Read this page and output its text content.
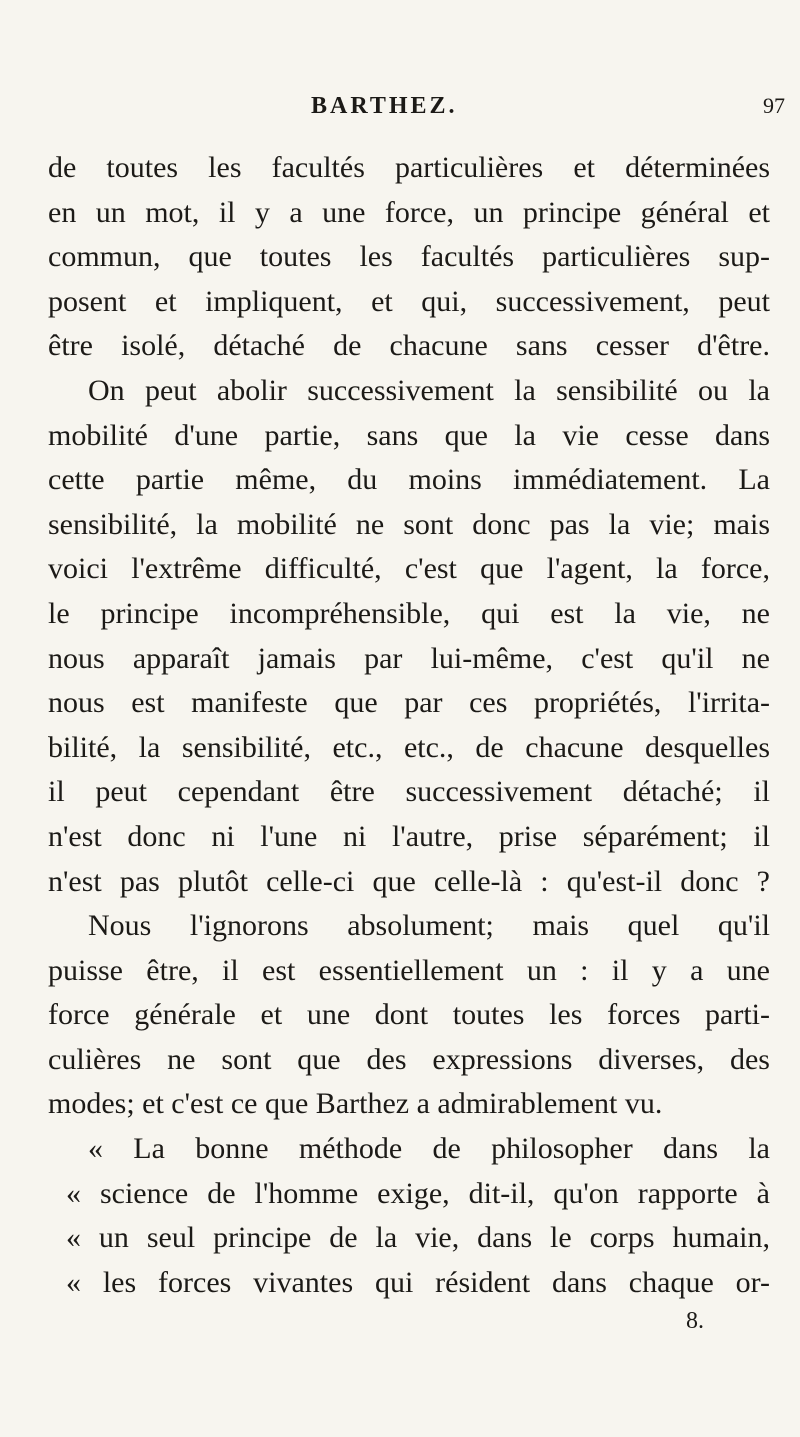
BARTHEZ.	97
de toutes les facultés particulières et déterminées
en un mot, il y a une force, un principe général et
commun, que toutes les facultés particulières sup-
posent et impliquent, et qui, successivement, peut
être isolé, détaché de chacune sans cesser d'être.
On peut abolir successivement la sensibilité ou la
mobilité d'une partie, sans que la vie cesse dans
cette partie même, du moins immédiatement. La
sensibilité, la mobilité ne sont donc pas la vie; mais
voici l'extrême difficulté, c'est que l'agent, la force,
le principe incompréhensible, qui est la vie, ne
nous apparaît jamais par lui-même, c'est qu'il ne
nous est manifeste que par ces propriétés, l'irrita-
bilité, la sensibilité, etc., etc., de chacune desquelles
il peut cependant être successivement détaché; il
n'est donc ni l'une ni l'autre, prise séparément; il
n'est pas plutôt celle-ci que celle-là : qu'est-il donc ?
Nous l'ignorons absolument; mais quel qu'il
puisse être, il est essentiellement un : il y a une
force générale et une dont toutes les forces parti-
culières ne sont que des expressions diverses, des
modes; et c'est ce que Barthez a admirablement vu.
« La bonne méthode de philosopher dans la
« science de l'homme exige, dit-il, qu'on rapporte à
« un seul principe de la vie, dans le corps humain,
« les forces vivantes qui résident dans chaque or-
8.
